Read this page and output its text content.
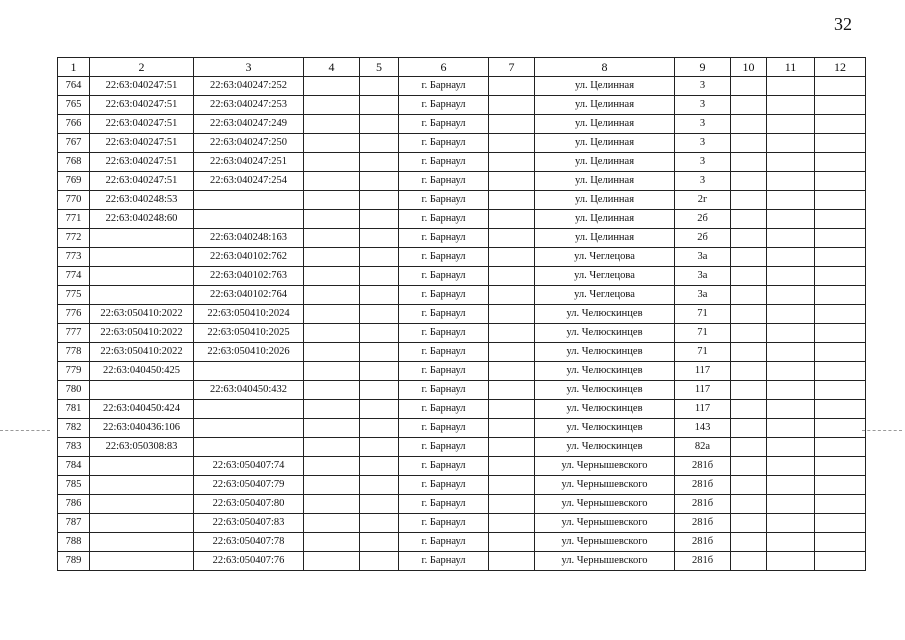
32
1	2	3	4	5	6	7	8	9	10	11	12
764	22:63:040247:51	22:63:040247:252			г. Барнаул		ул. Целинная	3			
765	22:63:040247:51	22:63:040247:253			г. Барнаул		ул. Целинная	3			
766	22:63:040247:51	22:63:040247:249			г. Барнаул		ул. Целинная	3			
767	22:63:040247:51	22:63:040247:250			г. Барнаул		ул. Целинная	3			
768	22:63:040247:51	22:63:040247:251			г. Барнаул		ул. Целинная	3			
769	22:63:040247:51	22:63:040247:254			г. Барнаул		ул. Целинная	3			
770	22:63:040248:53				г. Барнаул		ул. Целинная	2г			
771	22:63:040248:60				г. Барнаул		ул. Целинная	2б			
772		22:63:040248:163			г. Барнаул		ул. Целинная	2б			
773		22:63:040102:762			г. Барнаул		ул. Чеглецова	3а			
774		22:63:040102:763			г. Барнаул		ул. Чеглецова	3а			
775		22:63:040102:764			г. Барнаул		ул. Чеглецова	3а			
776	22:63:050410:2022	22:63:050410:2024			г. Барнаул		ул. Челюскинцев	71			
777	22:63:050410:2022	22:63:050410:2025			г. Барнаул		ул. Челюскинцев	71			
778	22:63:050410:2022	22:63:050410:2026			г. Барнаул		ул. Челюскинцев	71			
779	22:63:040450:425				г. Барнаул		ул. Челюскинцев	117			
780		22:63:040450:432			г. Барнаул		ул. Челюскинцев	117			
781	22:63:040450:424				г. Барнаул		ул. Челюскинцев	117			
782	22:63:040436:106				г. Барнаул		ул. Челюскинцев	143			
783	22:63:050308:83				г. Барнаул		ул. Челюскинцев	82а			
784		22:63:050407:74			г. Барнаул		ул. Чернышевского	281б			
785		22:63:050407:79			г. Барнаул		ул. Чернышевского	281б			
786		22:63:050407:80			г. Барнаул		ул. Чернышевского	281б			
787		22:63:050407:83			г. Барнаул		ул. Чернышевского	281б			
788		22:63:050407:78			г. Барнаул		ул. Чернышевского	281б			
789		22:63:050407:76			г. Барнаул		ул. Чернышевского	281б			
